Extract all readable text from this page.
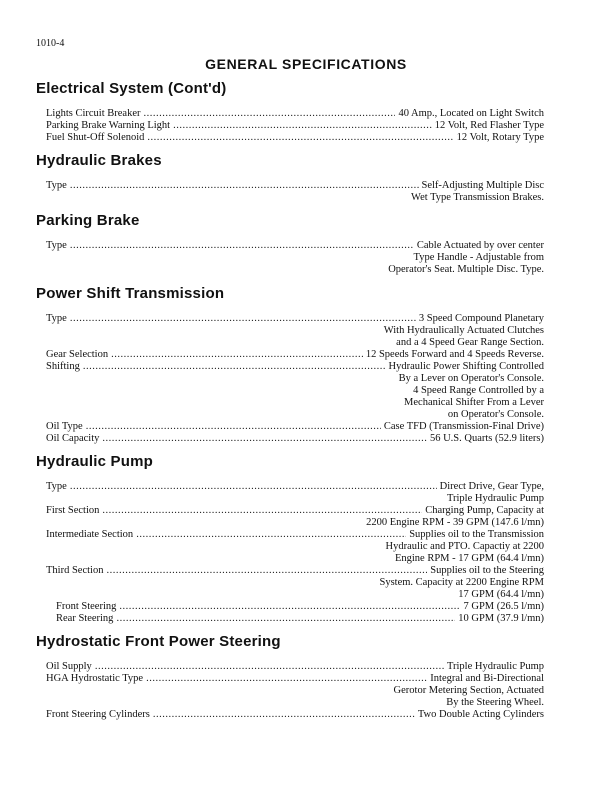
1010-4
GENERAL SPECIFICATIONS
Electrical System (Cont'd)
Lights Circuit Breaker .....	40 Amp., Located on Light Switch
Parking Brake Warning Light .....	12 Volt, Red Flasher Type
Fuel Shut-Off Solenoid .....	12 Volt, Rotary Type
Hydraulic Brakes
Type .....	Self-Adjusting Multiple Disc
Wet Type Transmission Brakes.
Parking Brake
Type .....	Cable Actuated by over center
Type Handle - Adjustable from
Operator's Seat. Multiple Disc. Type.
Power Shift Transmission
Type .....	3 Speed Compound Planetary
With Hydraulically Actuated Clutches
and a 4 Speed Gear Range Section.
Gear Selection .....	12 Speeds Forward and 4 Speeds Reverse.
Shifting .....	Hydraulic Power Shifting Controlled
By a Lever on Operator's Console.
4 Speed Range Controlled by a
Mechanical Shifter From a Lever
on Operator's Console.
Oil Type .....	Case TFD (Transmission-Final Drive)
Oil Capacity .....	56 U.S. Quarts (52.9 liters)
Hydraulic Pump
Type .....	Direct Drive, Gear Type,
Triple Hydraulic Pump
First Section .....	Charging Pump, Capacity at
2200 Engine RPM - 39 GPM (147.6 l/mn)
Intermediate Section .....	Supplies oil to the Transmission
Hydraulic and PTO. Capactiy at 2200
Engine RPM - 17 GPM (64.4 l/mn)
Third Section .....	Supplies oil to the Steering
System. Capacity at 2200 Engine RPM
17 GPM (64.4 l/mn)
Front Steering .....	7 GPM (26.5 l/mn)
Rear Steering .....	10 GPM (37.9 l/mn)
Hydrostatic Front Power Steering
Oil Supply .....	Triple Hydraulic Pump
HGA Hydrostatic Type .....	Integral and Bi-Directional
Gerotor Metering Section, Actuated
By the Steering Wheel.
Front Steering Cylinders .....	Two Double Acting Cylinders
